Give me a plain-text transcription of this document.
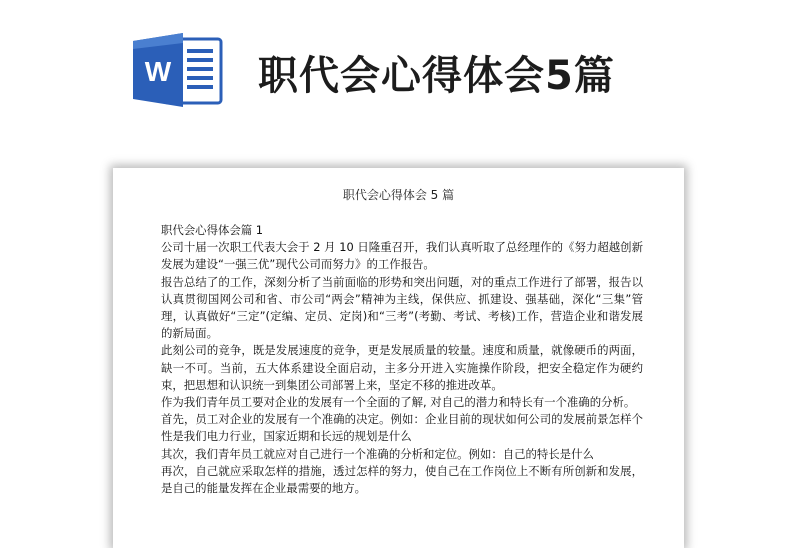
W 职代会心得体会5篇
职代会心得体会 5 篇

职代会心得体会篇 1

公司十届一次职工代表大会于 2 月 10 日隆重召开，我们认真听取了总经理作的《努力超越创新发展为建设“一强三优”现代公司而努力》的工作报告。

报告总结了的工作，深刻分析了当前面临的形势和突出问题，对的重点工作进行了部署，报告以认真贯彻国网公司和省、市公司“两会”精神为主线，保供应、抓建设、强基础，深化“三集”管理，认真做好“三定”(定编、定员、定岗)和“三考”(考勤、考试、考核)工作，营造企业和谐发展的新局面。

此刻公司的竞争，既是发展速度的竞争，更是发展质量的较量。速度和质量，就像硬币的两面，缺一不可。当前，五大体系建设全面启动，主多分开进入实施操作阶段，把安全稳定作为硬约束，把思想和认识统一到集团公司部署上来，坚定不移的推进改革。

作为我们青年员工要对企业的发展有一个全面的了解, 对自己的潜力和特长有一个准确的分析。

首先，员工对企业的发展有一个准确的决定。例如：企业目前的现状如何公司的发展前景怎样个性是我们电力行业，国家近期和长远的规划是什么

其次，我们青年员工就应对自己进行一个准确的分析和定位。例如：自己的特长是什么

再次，自己就应采取怎样的措施，透过怎样的努力，使自己在工作岗位上不断有所创新和发展，是自己的能量发挥在企业最需要的地方。
